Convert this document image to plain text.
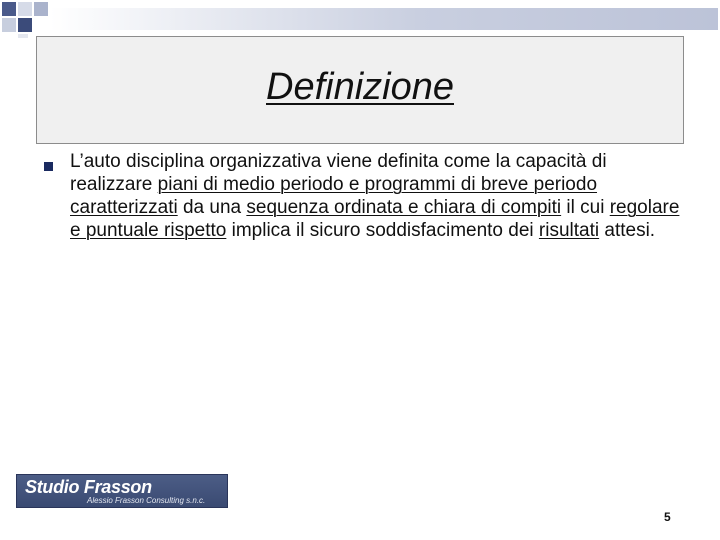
Definizione
L’auto disciplina organizzativa viene definita come la capacità di realizzare piani di medio periodo e programmi di breve periodo caratterizzati da una sequenza ordinata e chiara di compiti il cui regolare e puntuale rispetto implica il sicuro soddisfacimento dei risultati attesi.
Studio Frasson
Alessio Frasson Consulting s.n.c.
5
